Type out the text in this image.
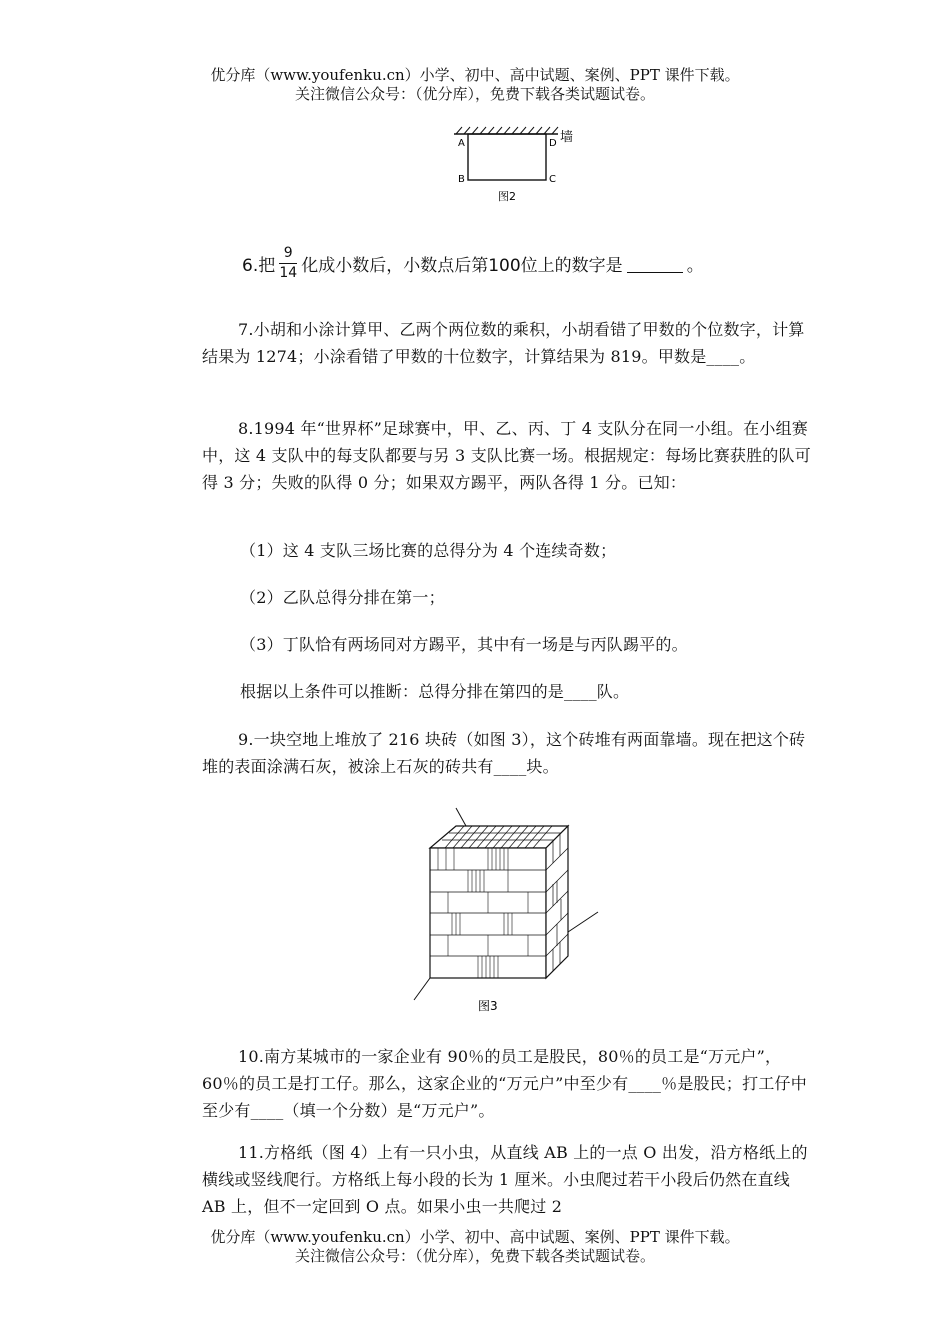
优分库（www.youfenku.cn）小学、初中、高中试题、案例、PPT 课件下载。
关注微信公众号：（优分库），免费下载各类试题试卷。
A
B
D
C
墙
图2
6.把 $\frac{9}{14}$ 化成小数后，小数点后第100位上的数字是	。

7.小胡和小涂计算甲、乙两个两位数的乘积，小胡看错了甲数的个位数字，计算结果为 1274；小涂看错了甲数的十位数字，计算结果为 819。甲数是____。

8.1994 年“世界杯”足球赛中，甲、乙、丙、丁 4 支队分在同一小组。在小组赛中，这 4 支队中的每支队都要与另 3 支队比赛一场。根据规定：每场比赛获胜的队可得 3 分；失败的队得 0 分；如果双方踢平，两队各得 1 分。已知：

（1）这 4 支队三场比赛的总得分为 4 个连续奇数；

（2）乙队总得分排在第一；

（3）丁队恰有两场同对方踢平，其中有一场是与丙队踢平的。

根据以上条件可以推断：总得分排在第四的是____队。

9.一块空地上堆放了 216 块砖（如图 3），这个砖堆有两面靠墙。现在把这个砖堆的表面涂满石灰，被涂上石灰的砖共有____块。

图3

10.南方某城市的一家企业有 90％的员工是股民，80％的员工是“万元户”，60％的员工是打工仔。那么，这家企业的“万元户”中至少有____％是股民；打工仔中至少有____（填一个分数）是“万元户”。

11.方格纸（图 4）上有一只小虫，从直线 AB 上的一点 O 出发，沿方格纸上的横线或竖线爬行。方格纸上每小段的长为 1 厘米。小虫爬过若干小段后仍然在直线 AB 上，但不一定回到 O 点。如果小虫一共爬过 2

优分库（www.youfenku.cn）小学、初中、高中试题、案例、PPT 课件下载。
关注微信公众号：（优分库），免费下载各类试题试卷。
